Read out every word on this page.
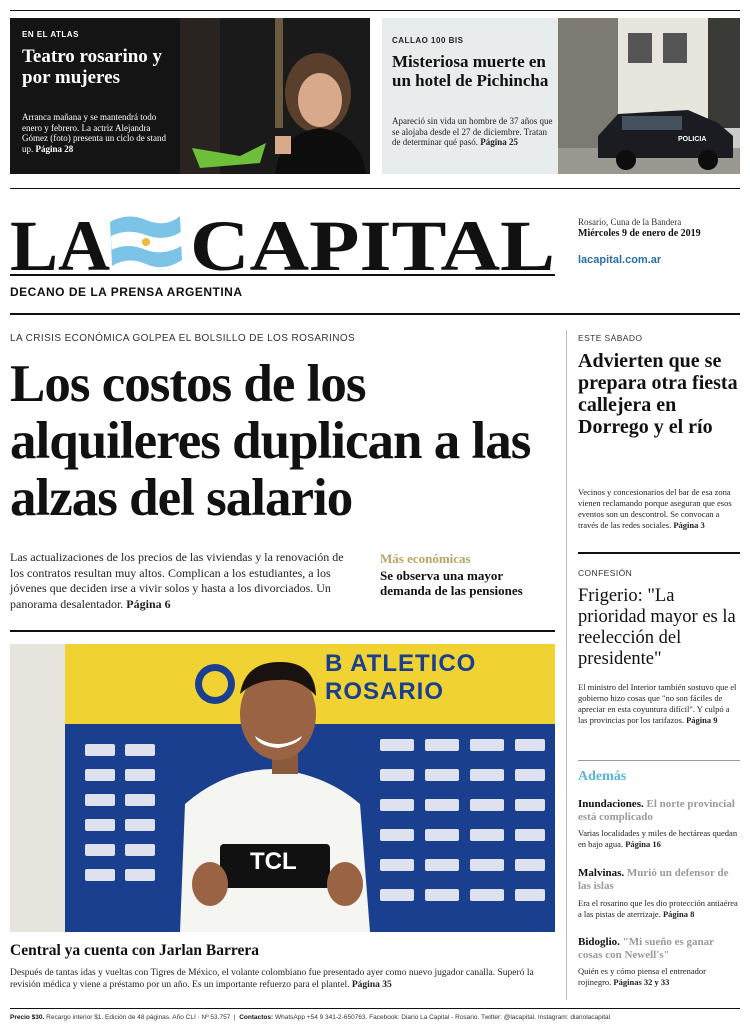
EN EL ATLAS
Teatro rosarino y por mujeres
Arranca mañana y se mantendrá todo enero y febrero. La actriz Alejandra Gómez (foto) presenta un ciclo de stand up. Página 28
CALLAO 100 BIS
Misteriosa muerte en un hotel de Pichincha
Apareció sin vida un hombre de 37 años que se alojaba desde el 27 de diciembre. Tratan de determinar qué pasó. Página 25	POLICIA
LA CAPITAL
DECANO DE LA PRENSA ARGENTINA
Rosario, Cuna de la Bandera
Miércoles 9 de enero de 2019
lacapital.com.ar
LA CRISIS ECONÓMICA GOLPEA EL BOLSILLO DE LOS ROSARINOS
Los costos de los alquileres duplican a las alzas del salario
Las actualizaciones de los precios de las viviendas y la renovación de los contratos resultan muy altos. Complican a los estudiantes, a los jóvenes que deciden irse a vivir solos y hasta a los divorciados. Un panorama desalentador. Página 6
Más económicas
Se observa una mayor demanda de las pensiones
B ATLETICO ROSARIO
TCL
Central ya cuenta con Jarlan Barrera
Después de tantas idas y vueltas con Tigres de México, el volante colombiano fue presentado ayer como nuevo jugador canalla. Superó la revisión médica y viene a préstamo por un año. Es un importante refuerzo para el plantel. Página 35
ESTE SÁBADO
Advierten que se prepara otra fiesta callejera en Dorrego y el río
Vecinos y concesionarios del bar de esa zona vienen reclamando porque aseguran que esos eventos son un descontrol. Se convocan a través de las redes sociales. Página 3
CONFESIÓN
Frigerio: "La prioridad mayor es la reelección del presidente"
El ministro del Interior también sostuvo que el gobierno hizo cosas que "no son fáciles de apreciar en esta coyuntura difícil". Y culpó a las provincias por los tarifazos. Página 9
Además
Inundaciones. El norte provincial está complicado
Varias localidades y miles de hectáreas quedan en bajo agua. Página 16
Malvinas. Murió un defensor de las islas
Era el rosarino que les dio protección antiaérea a las pistas de aterrizaje. Página 8
Bidoglio. "Mi sueño es ganar cosas con Newell's"
Quién es y cómo piensa el entrenador rojinegro. Páginas 32 y 33
Precio $30. Recargo interior $1. Edición de 48 páginas. Año CLI · Nº 53.757  |  Contactos: WhatsApp +54 9 341-2-650763. Facebook: Diario La Capital - Rosario. Twitter: @lacapital. Instagram: diariolacapital
